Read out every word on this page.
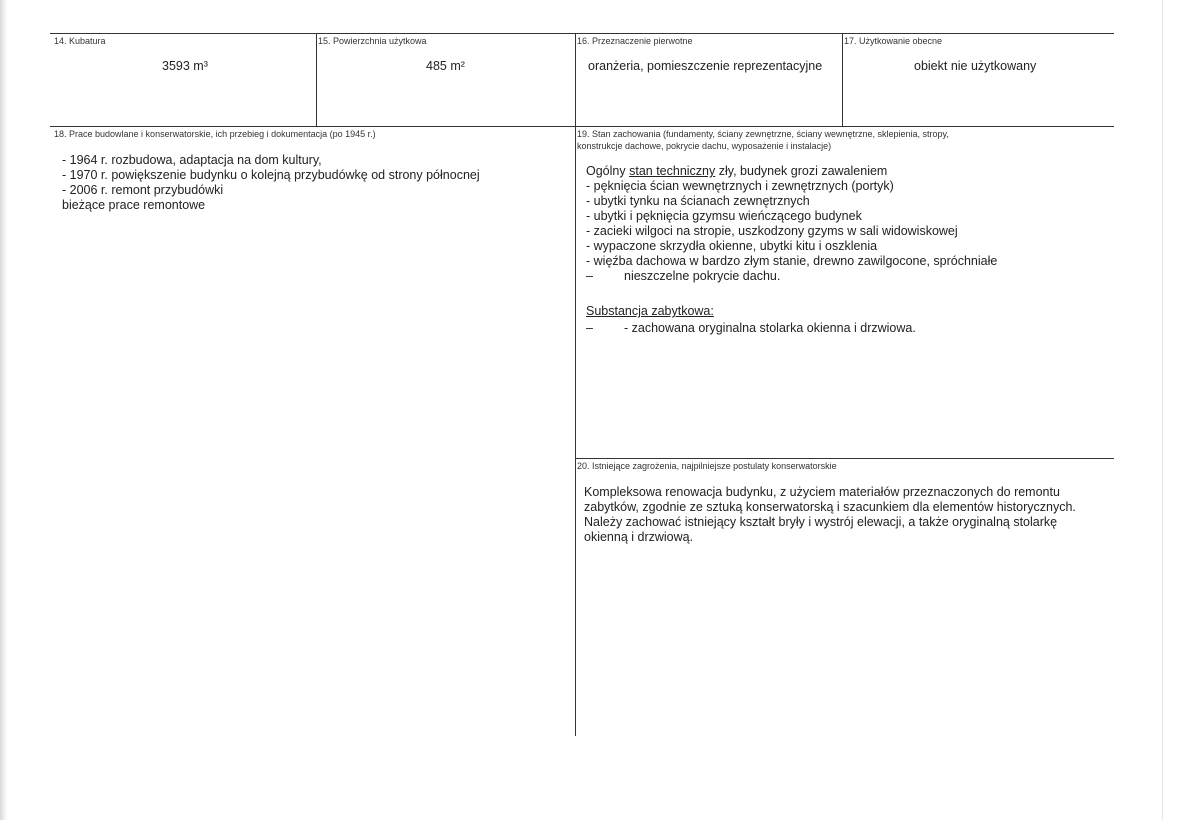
14. Kubatura
3593 m³
15. Powierzchnia użytkowa
485 m²
16. Przeznaczenie pierwotne
oranżeria, pomieszczenie reprezentacyjne
17. Użytkowanie obecne
obiekt nie użytkowany
18. Prace budowlane i konserwatorskie, ich przebieg i dokumentacja (po 1945 r.)
- 1964 r. rozbudowa, adaptacja na dom kultury,
- 1970 r. powiększenie budynku o kolejną przybudówkę od strony północnej
- 2006 r. remont przybudówki
bieżące prace remontowe
19. Stan zachowania (fundamenty, ściany zewnętrzne, ściany wewnętrzne, sklepienia, stropy,
konstrukcje dachowe, pokrycie dachu, wyposażenie i instalacje)
Ogólny stan techniczny zły, budynek grozi zawaleniem
- pęknięcia ścian wewnętrznych i zewnętrznych (portyk)
- ubytki tynku na ścianach zewnętrznych
- ubytki i pęknięcia gzymsu wieńczącego budynek
- zacieki wilgoci na stropie, uszkodzony gzyms w sali widowiskowej
- wypaczone skrzydła okienne, ubytki kitu i oszklenia
- więźba dachowa w bardzo złym stanie, drewno zawilgocone, spróchniałe
–	nieszczelne pokrycie dachu.
Substancja zabytkowa:
–	- zachowana oryginalna stolarka okienna i drzwiowa.
20. Istniejące zagrożenia, najpilniejsze postulaty konserwatorskie
Kompleksowa renowacja budynku, z użyciem materiałów przeznaczonych do remontu
zabytków, zgodnie ze sztuką konserwatorską i szacunkiem dla elementów historycznych.
Należy zachować istniejący kształt bryły i wystrój elewacji, a także oryginalną stolarkę
okienną i drzwiową.
